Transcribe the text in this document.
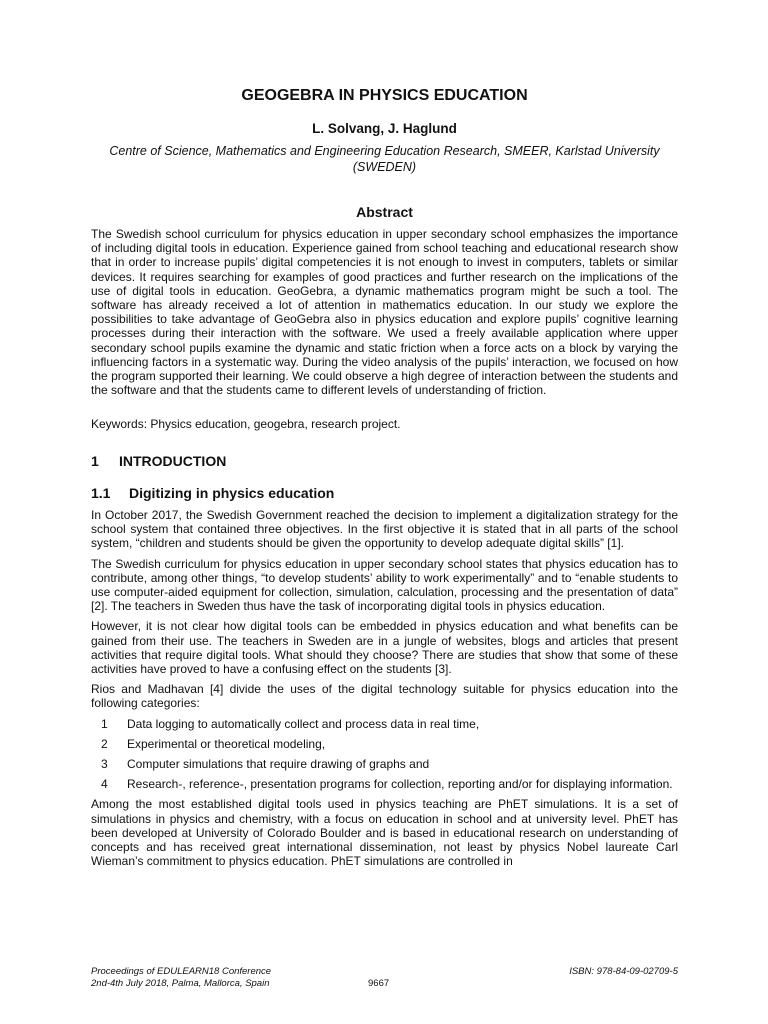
GEOGEBRA IN PHYSICS EDUCATION

L. Solvang, J. Haglund

Centre of Science, Mathematics and Engineering Education Research, SMEER, Karlstad University (SWEDEN)

Abstract

The Swedish school curriculum for physics education in upper secondary school emphasizes the importance of including digital tools in education. Experience gained from school teaching and educational research show that in order to increase pupils’ digital competencies it is not enough to invest in computers, tablets or similar devices. It requires searching for examples of good practices and further research on the implications of the use of digital tools in education. GeoGebra, a dynamic mathematics program might be such a tool. The software has already received a lot of attention in mathematics education. In our study we explore the possibilities to take advantage of GeoGebra also in physics education and explore pupils’ cognitive learning processes during their interaction with the software. We used a freely available application where upper secondary school pupils examine the dynamic and static friction when a force acts on a block by varying the influencing factors in a systematic way. During the video analysis of the pupils’ interaction, we focused on how the program supported their learning. We could observe a high degree of interaction between the students and the software and that the students came to different levels of understanding of friction.

Keywords: Physics education, geogebra, research project.

1 INTRODUCTION
1.1 Digitizing in physics education

In October 2017, the Swedish Government reached the decision to implement a digitalization strategy for the school system that contained three objectives. In the first objective it is stated that in all parts of the school system, “children and students should be given the opportunity to develop adequate digital skills” [1].

The Swedish curriculum for physics education in upper secondary school states that physics education has to contribute, among other things, “to develop students’ ability to work experimentally” and to “enable students to use computer-aided equipment for collection, simulation, calculation, processing and the presentation of data” [2]. The teachers in Sweden thus have the task of incorporating digital tools in physics education.

However, it is not clear how digital tools can be embedded in physics education and what benefits can be gained from their use. The teachers in Sweden are in a jungle of websites, blogs and articles that present activities that require digital tools. What should they choose? There are studies that show that some of these activities have proved to have a confusing effect on the students [3].

Rios and Madhavan [4] divide the uses of the digital technology suitable for physics education into the following categories:

1	Data logging to automatically collect and process data in real time,
2	Experimental or theoretical modeling,
3	Computer simulations that require drawing of graphs and
4	Research-, reference-, presentation programs for collection, reporting and/or for displaying information.

Among the most established digital tools used in physics teaching are PhET simulations. It is a set of simulations in physics and chemistry, with a focus on education in school and at university level. PhET has been developed at University of Colorado Boulder and is based in educational research on understanding of concepts and has received great international dissemination, not least by physics Nobel laureate Carl Wieman’s commitment to physics education. PhET simulations are controlled in

Proceedings of EDULEARN18 Conference
2nd-4th July 2018, Palma, Mallorca, Spain	9667
ISBN: 978-84-09-02709-5
